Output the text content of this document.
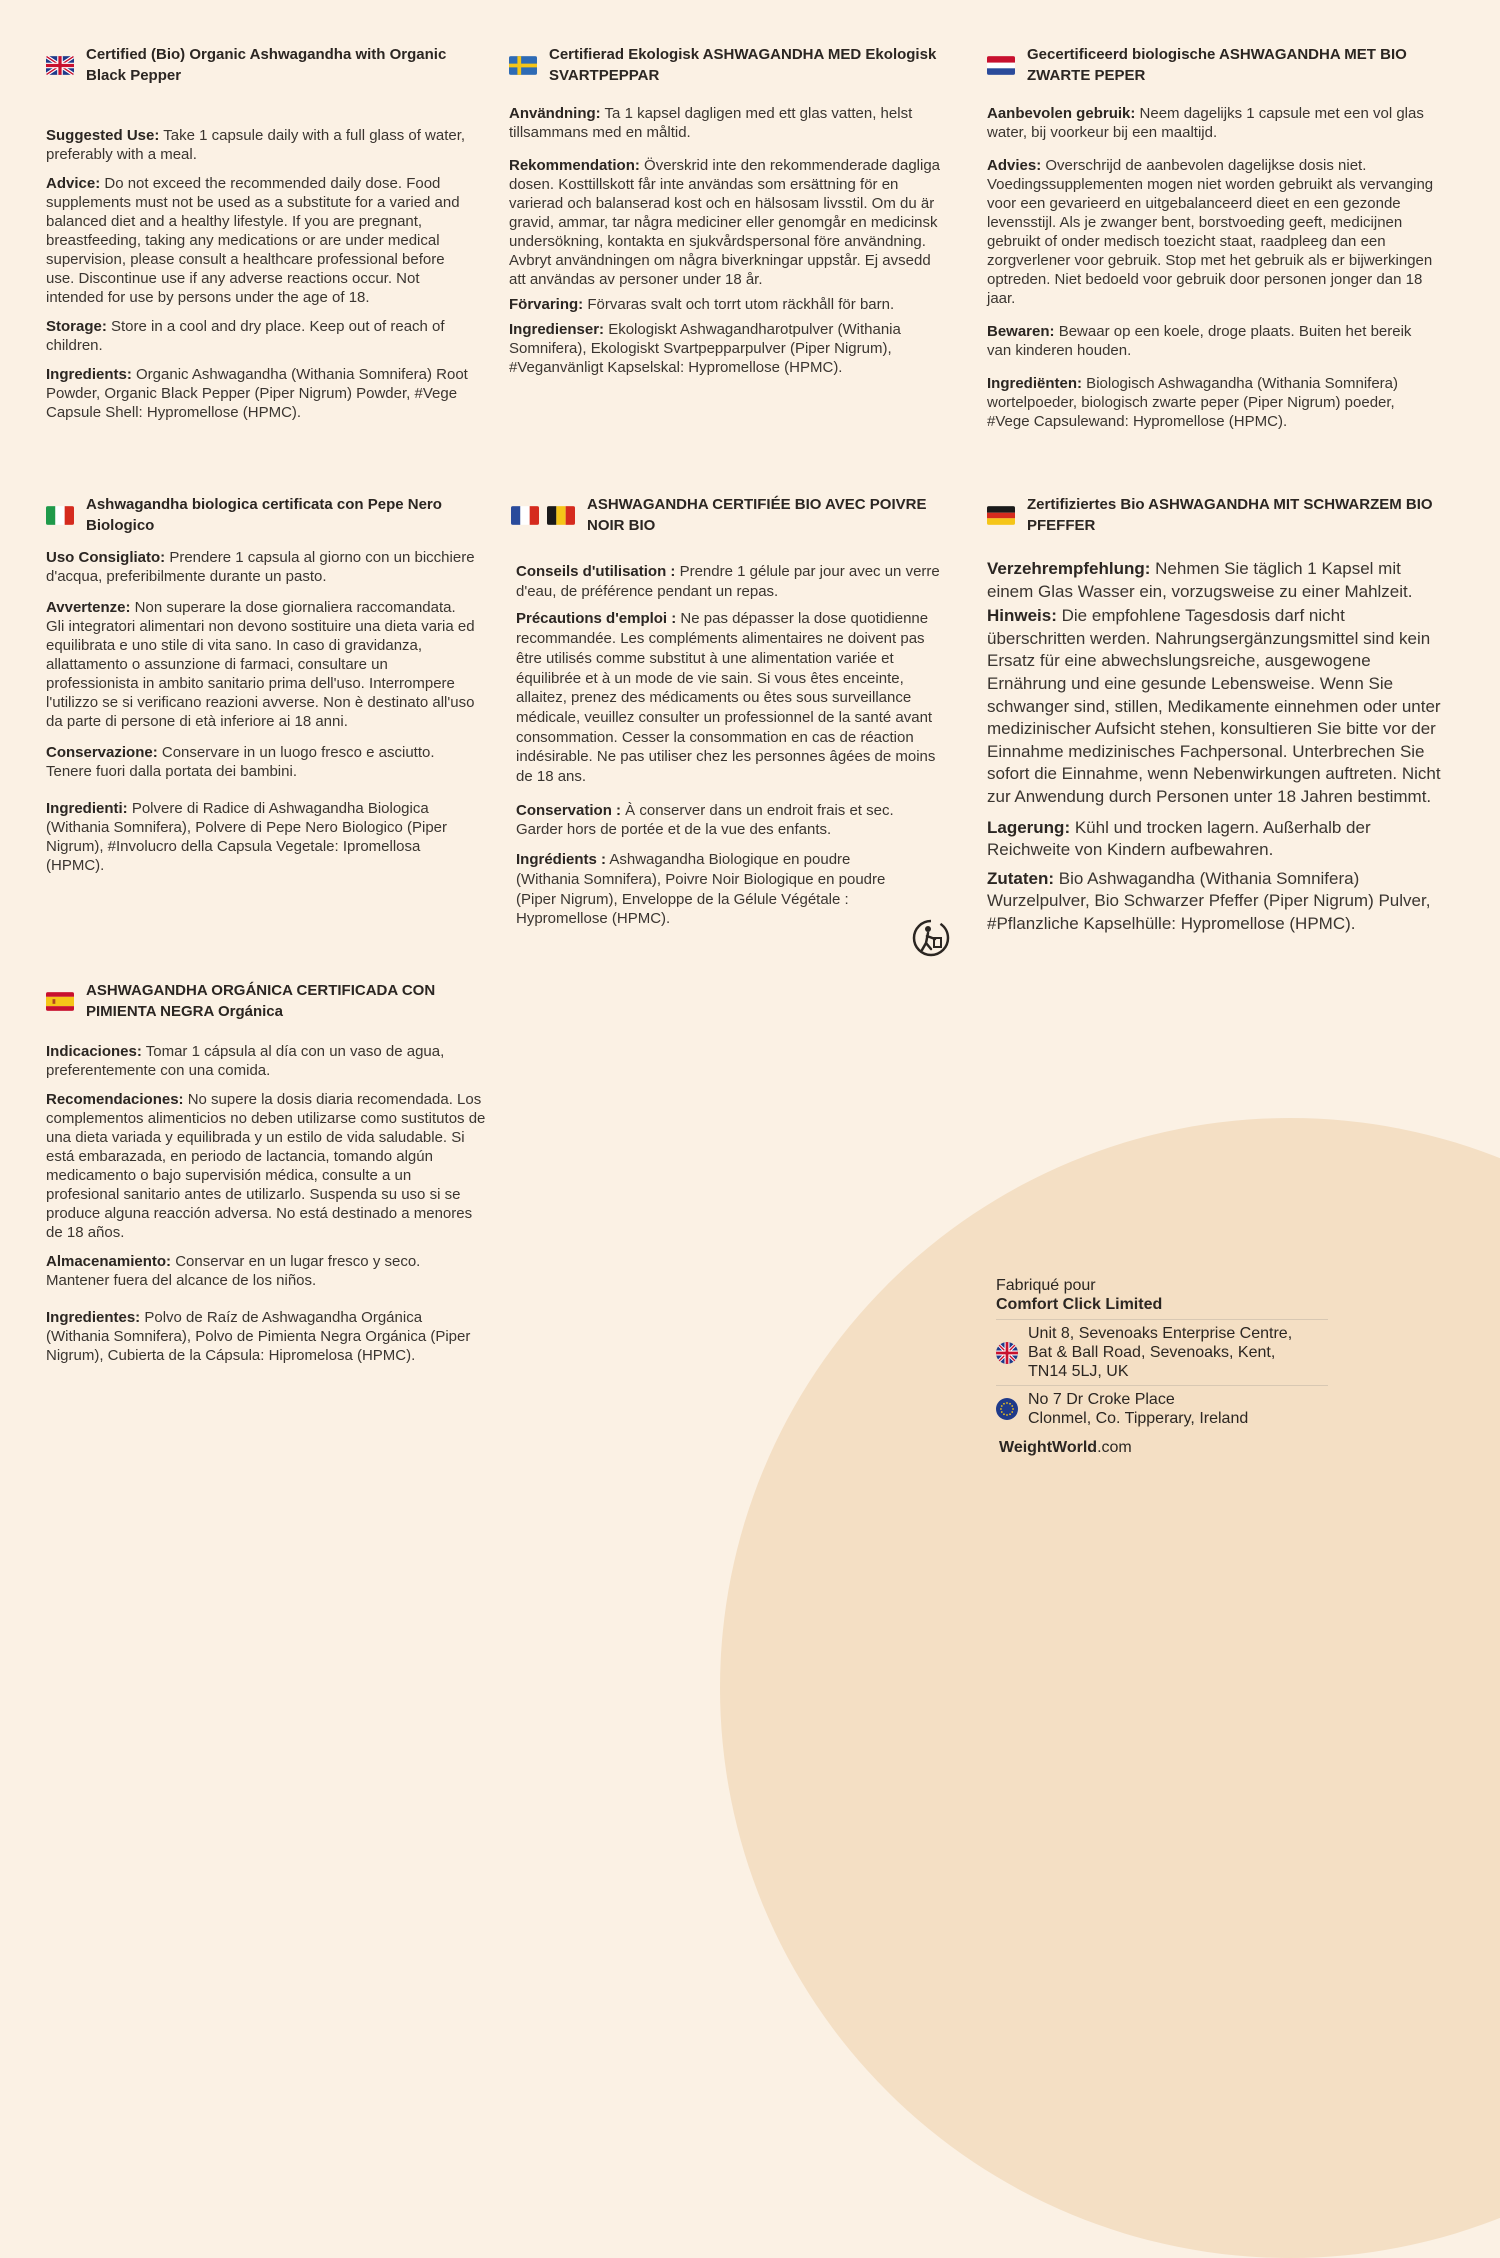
Certified (Bio) Organic Ashwagandha with Organic Black Pepper

Suggested Use: Take 1 capsule daily with a full glass of water, preferably with a meal.

Advice: Do not exceed the recommended daily dose. Food supplements must not be used as a substitute for a varied and balanced diet and a healthy lifestyle. If you are pregnant, breastfeeding, taking any medications or are under medical supervision, please consult a healthcare professional before use. Discontinue use if any adverse reactions occur. Not intended for use by persons under the age of 18.

Storage: Store in a cool and dry place. Keep out of reach of children.

Ingredients: Organic Ashwagandha (Withania Somnifera) Root Powder, Organic Black Pepper (Piper Nigrum) Powder, #Vege Capsule Shell: Hypromellose (HPMC).

Certifierad Ekologisk ASHWAGANDHA MED Ekologisk SVARTPEPPAR

Användning: Ta 1 kapsel dagligen med ett glas vatten, helst tillsammans med en måltid.

Rekommendation: Överskrid inte den rekommenderade dagliga dosen. Kosttillskott får inte användas som ersättning för en varierad och balanserad kost och en hälsosam livsstil. Om du är gravid, ammar, tar några mediciner eller genomgår en medicinsk undersökning, kontakta en sjukvårdspersonal före användning. Avbryt användningen om några biverkningar uppstår. Ej avsedd att användas av personer under 18 år.

Förvaring: Förvaras svalt och torrt utom räckhåll för barn.

Ingredienser: Ekologiskt Ashwagandharotpulver (Withania Somnifera), Ekologiskt Svartpepparpulver (Piper Nigrum), #Veganvänligt Kapselskal: Hypromellose (HPMC).

Gecertificeerd biologische ASHWAGANDHA MET BIO ZWARTE PEPER

Aanbevolen gebruik: Neem dagelijks 1 capsule met een vol glas water, bij voorkeur bij een maaltijd.

Advies: Overschrijd de aanbevolen dagelijkse dosis niet. Voedingssupplementen mogen niet worden gebruikt als vervanging voor een gevarieerd en uitgebalanceerd dieet en een gezonde levensstijl. Als je zwanger bent, borstvoeding geeft, medicijnen gebruikt of onder medisch toezicht staat, raadpleeg dan een zorgverlener voor gebruik. Stop met het gebruik als er bijwerkingen optreden. Niet bedoeld voor gebruik door personen jonger dan 18 jaar.

Bewaren: Bewaar op een koele, droge plaats. Buiten het bereik van kinderen houden.

Ingrediënten: Biologisch Ashwagandha (Withania Somnifera) wortelpoeder, biologisch zwarte peper (Piper Nigrum) poeder, #Vege Capsulewand: Hypromellose (HPMC).

Ashwagandha biologica certificata con Pepe Nero Biologico

Uso Consigliato: Prendere 1 capsula al giorno con un bicchiere d'acqua, preferibilmente durante un pasto.

Avvertenze: Non superare la dose giornaliera raccomandata. Gli integratori alimentari non devono sostituire una dieta varia ed equilibrata e uno stile di vita sano. In caso di gravidanza, allattamento o assunzione di farmaci, consultare un professionista in ambito sanitario prima dell'uso. Interrompere l'utilizzo se si verificano reazioni avverse. Non è destinato all'uso da parte di persone di età inferiore ai 18 anni.

Conservazione: Conservare in un luogo fresco e asciutto. Tenere fuori dalla portata dei bambini.

Ingredienti: Polvere di Radice di Ashwagandha Biologica (Withania Somnifera), Polvere di Pepe Nero Biologico (Piper Nigrum), #Involucro della Capsula Vegetale: Ipromellosa (HPMC).

ASHWAGANDHA CERTIFIÉE BIO AVEC POIVRE NOIR BIO

Conseils d'utilisation : Prendre 1 gélule par jour avec un verre d'eau, de préférence pendant un repas.

Précautions d'emploi : Ne pas dépasser la dose quotidienne recommandée. Les compléments alimentaires ne doivent pas être utilisés comme substitut à une alimentation variée et équilibrée et à un mode de vie sain. Si vous êtes enceinte, allaitez, prenez des médicaments ou êtes sous surveillance médicale, veuillez consulter un professionnel de la santé avant consommation. Cesser la consommation en cas de réaction indésirable. Ne pas utiliser chez les personnes âgées de moins de 18 ans.

Conservation : À conserver dans un endroit frais et sec. Garder hors de portée et de la vue des enfants.

Ingrédients : Ashwagandha Biologique en poudre (Withania Somnifera), Poivre Noir Biologique en poudre (Piper Nigrum), Enveloppe de la Gélule Végétale : Hypromellose (HPMC).

Zertifiziertes Bio ASHWAGANDHA MIT SCHWARZEM BIO PFEFFER

Verzehrempfehlung: Nehmen Sie täglich 1 Kapsel mit einem Glas Wasser ein, vorzugsweise zu einer Mahlzeit.

Hinweis: Die empfohlene Tagesdosis darf nicht überschritten werden. Nahrungsergänzungsmittel sind kein Ersatz für eine abwechslungsreiche, ausgewogene Ernährung und eine gesunde Lebensweise. Wenn Sie schwanger sind, stillen, Medikamente einnehmen oder unter medizinischer Aufsicht stehen, konsultieren Sie bitte vor der Einnahme medizinisches Fachpersonal. Unterbrechen Sie sofort die Einnahme, wenn Nebenwirkungen auftreten. Nicht zur Anwendung durch Personen unter 18 Jahren bestimmt.

Lagerung: Kühl und trocken lagern. Außerhalb der Reichweite von Kindern aufbewahren.

Zutaten: Bio Ashwagandha (Withania Somnifera) Wurzelpulver, Bio Schwarzer Pfeffer (Piper Nigrum) Pulver, #Pflanzliche Kapselhülle: Hypromellose (HPMC).

ASHWAGANDHA ORGÁNICA CERTIFICADA CON PIMIENTA NEGRA Orgánica

Indicaciones: Tomar 1 cápsula al día con un vaso de agua, preferentemente con una comida.

Recomendaciones: No supere la dosis diaria recomendada. Los complementos alimenticios no deben utilizarse como sustitutos de una dieta variada y equilibrada y un estilo de vida saludable. Si está embarazada, en periodo de lactancia, tomando algún medicamento o bajo supervisión médica, consulte a un profesional sanitario antes de utilizarlo. Suspenda su uso si se produce alguna reacción adversa. No está destinado a menores de 18 años.

Almacenamiento: Conservar en un lugar fresco y seco. Mantener fuera del alcance de los niños.

Ingredientes: Polvo de Raíz de Ashwagandha Orgánica (Withania Somnifera), Polvo de Pimienta Negra Orgánica (Piper Nigrum), Cubierta de la Cápsula: Hipromelosa (HPMC).

Fabriqué pour
Comfort Click Limited
Unit 8, Sevenoaks Enterprise Centre,
Bat & Ball Road, Sevenoaks, Kent,
TN14 5LJ, UK
No 7 Dr Croke Place
Clonmel, Co. Tipperary, Ireland
WeightWorld.com
